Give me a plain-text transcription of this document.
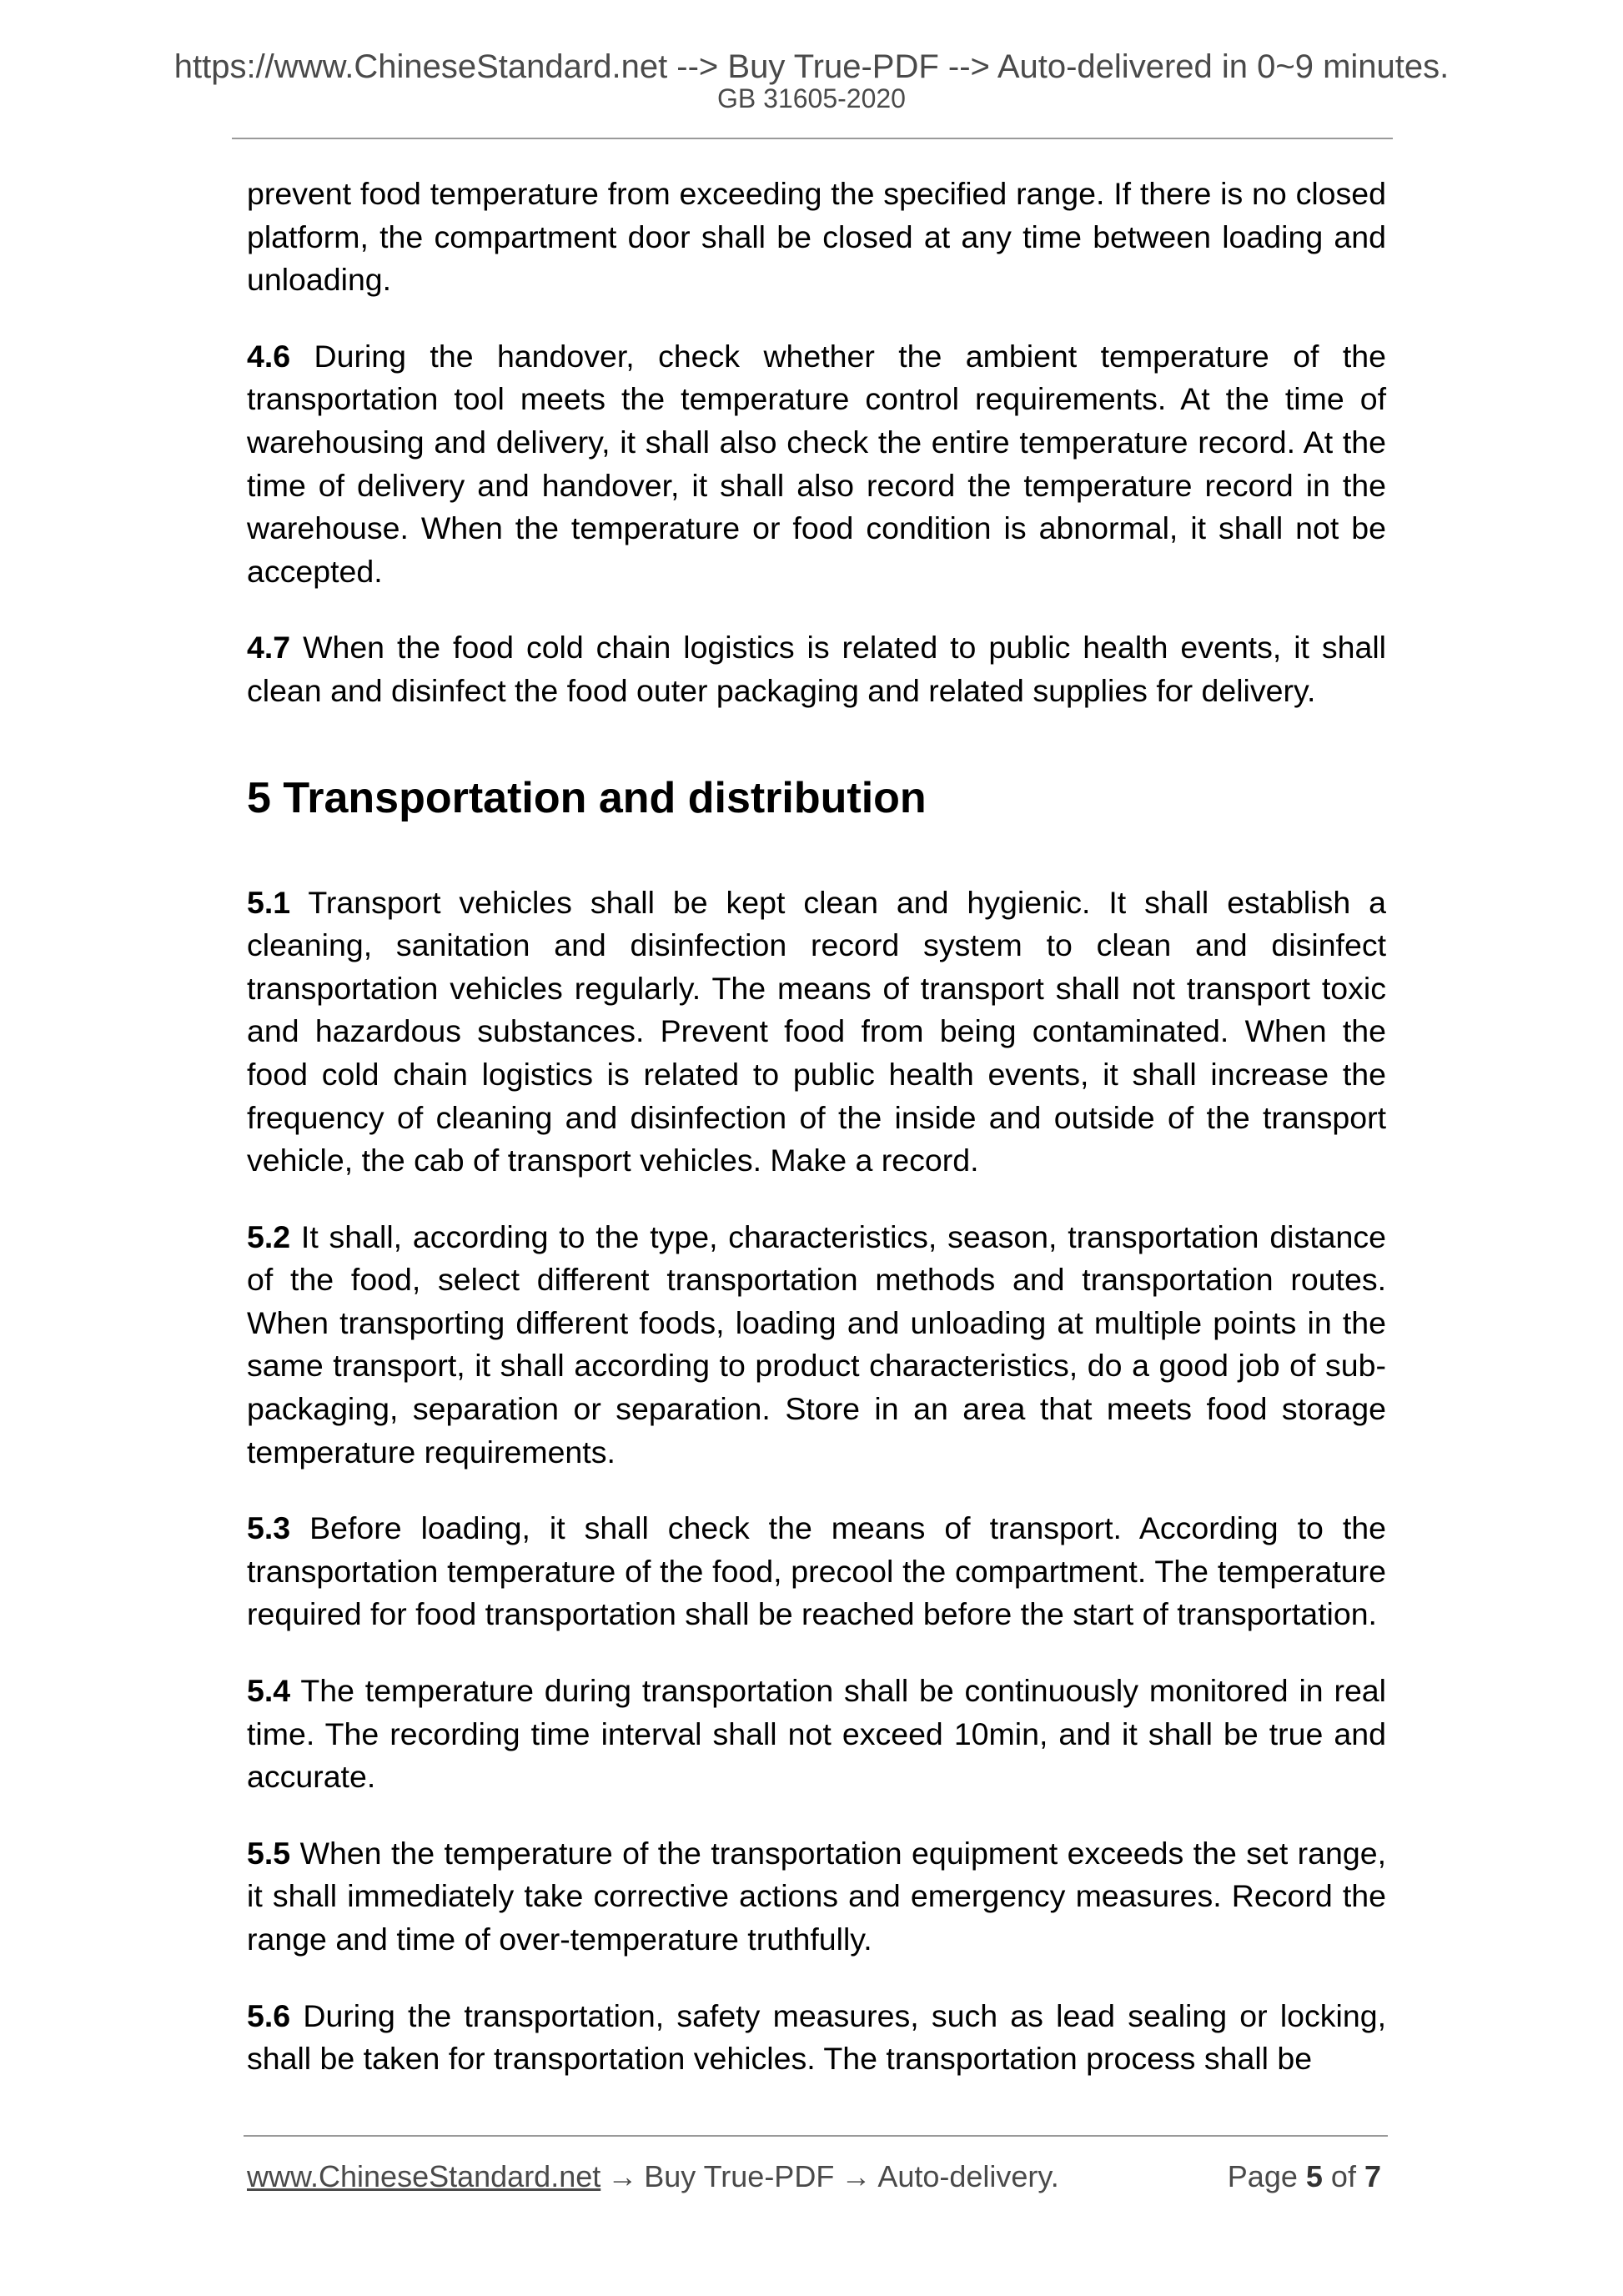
https://www.ChineseStandard.net --> Buy True-PDF --> Auto-delivered in 0~9 minutes.
GB 31605-2020

prevent food temperature from exceeding the specified range. If there is no closed platform, the compartment door shall be closed at any time between loading and unloading.

4.6 During the handover, check whether the ambient temperature of the transportation tool meets the temperature control requirements. At the time of warehousing and delivery, it shall also check the entire temperature record. At the time of delivery and handover, it shall also record the temperature record in the warehouse. When the temperature or food condition is abnormal, it shall not be accepted.

4.7 When the food cold chain logistics is related to public health events, it shall clean and disinfect the food outer packaging and related supplies for delivery.

5 Transportation and distribution

5.1 Transport vehicles shall be kept clean and hygienic. It shall establish a cleaning, sanitation and disinfection record system to clean and disinfect transportation vehicles regularly. The means of transport shall not transport toxic and hazardous substances. Prevent food from being contaminated. When the food cold chain logistics is related to public health events, it shall increase the frequency of cleaning and disinfection of the inside and outside of the transport vehicle, the cab of transport vehicles. Make a record.

5.2 It shall, according to the type, characteristics, season, transportation distance of the food, select different transportation methods and transportation routes. When transporting different foods, loading and unloading at multiple points in the same transport, it shall according to product characteristics, do a good job of sub-packaging, separation or separation. Store in an area that meets food storage temperature requirements.

5.3 Before loading, it shall check the means of transport. According to the transportation temperature of the food, precool the compartment. The temperature required for food transportation shall be reached before the start of transportation.

5.4 The temperature during transportation shall be continuously monitored in real time. The recording time interval shall not exceed 10min, and it shall be true and accurate.

5.5 When the temperature of the transportation equipment exceeds the set range, it shall immediately take corrective actions and emergency measures. Record the range and time of over-temperature truthfully.

5.6 During the transportation, safety measures, such as lead sealing or locking, shall be taken for transportation vehicles. The transportation process shall be

www.ChineseStandard.net → Buy True-PDF → Auto-delivery.	Page 5 of 7
